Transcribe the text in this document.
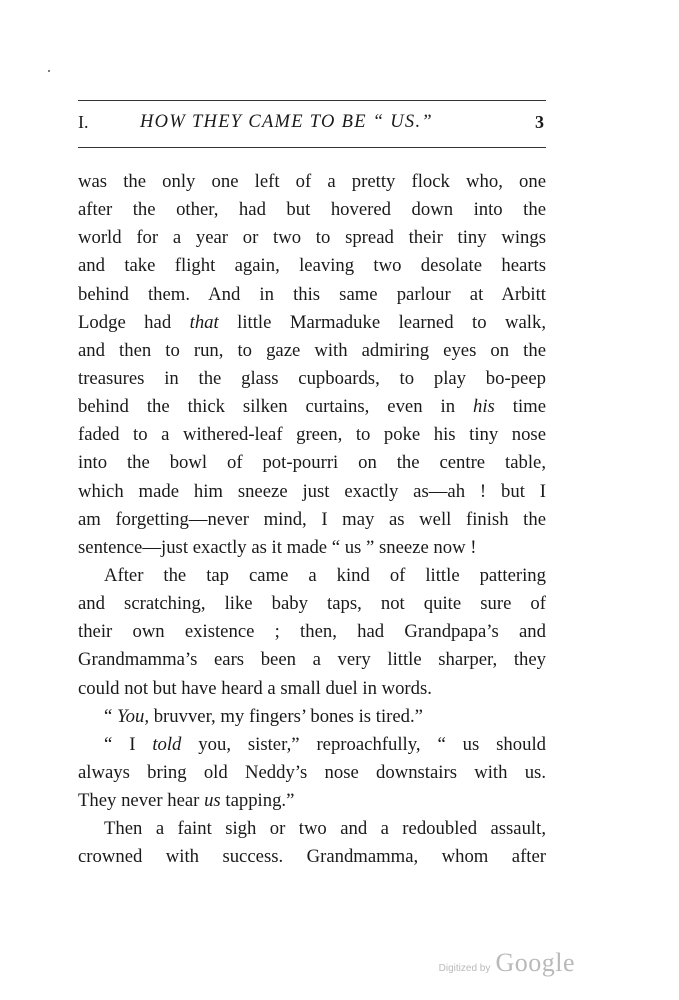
I.	HOW THEY CAME TO BE “ US.”	3
was the only one left of a pretty flock who, one
after the other, had but hovered down into the
world for a year or two to spread their tiny wings
and take flight again, leaving two desolate hearts
behind them. And in this same parlour at Arbitt
Lodge had that little Marmaduke learned to walk,
and then to run, to gaze with admiring eyes on the
treasures in the glass cupboards, to play bo-peep
behind the thick silken curtains, even in his time
faded to a withered-leaf green, to poke his tiny nose
into the bowl of pot-pourri on the centre table,
which made him sneeze just exactly as—ah ! but I
am forgetting—never mind, I may as well finish the
sentence—just exactly as it made “ us ” sneeze now !
After the tap came a kind of little pattering
and scratching, like baby taps, not quite sure of
their own existence ; then, had Grandpapa’s and
Grandmamma’s ears been a very little sharper, they
could not but have heard a small duel in words.
“ You, bruvver, my fingers’ bones is tired.”
“ I told you, sister,” reproachfully, “ us should
always bring old Neddy’s nose downstairs with us.
They never hear us tapping.”
Then a faint sigh or two and a redoubled assault,
crowned with success. Grandmamma, whom after
Digitized by Google
